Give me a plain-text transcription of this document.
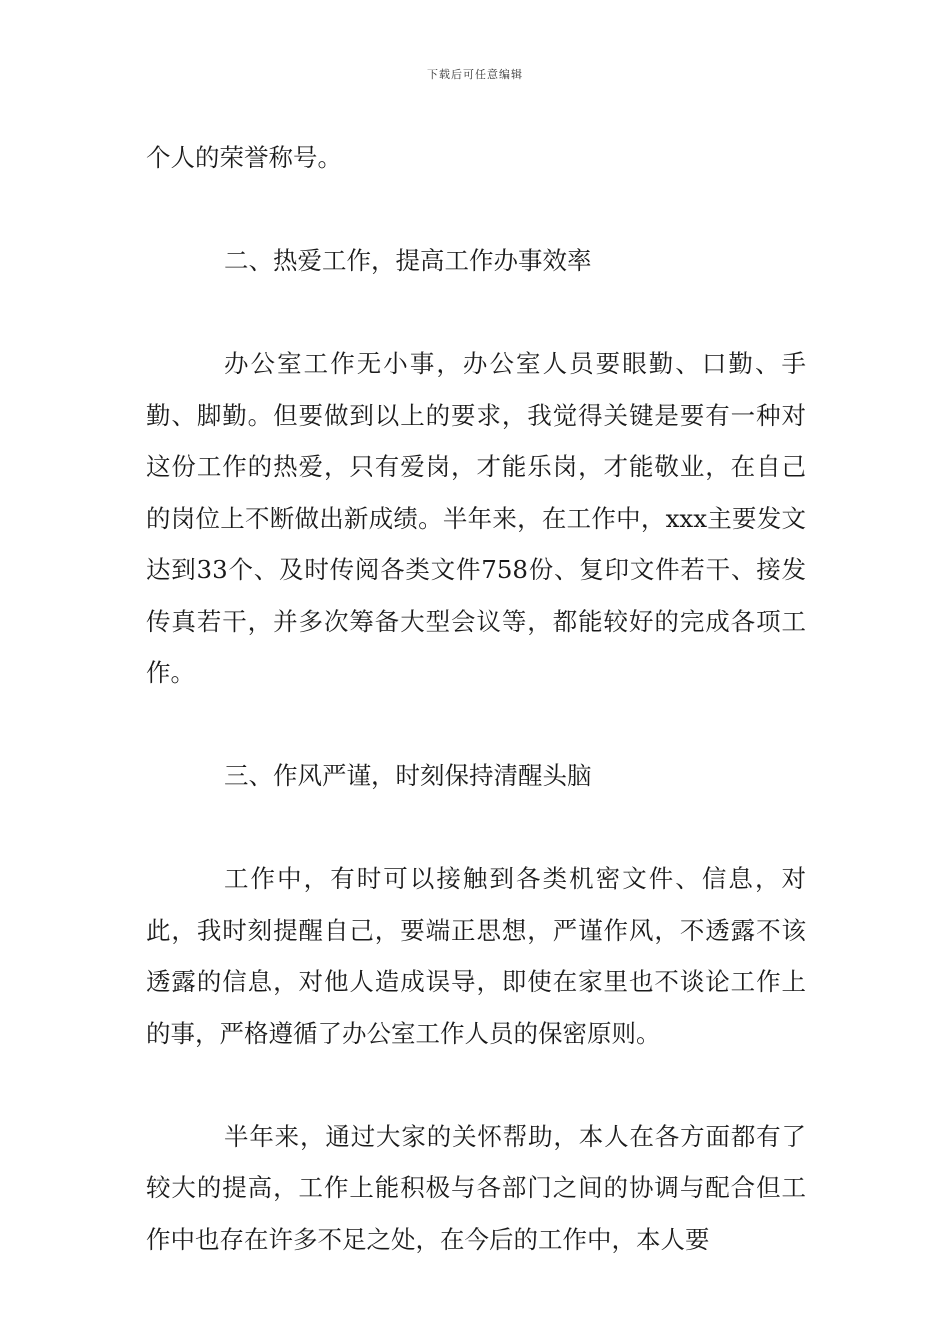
下载后可任意编辑

个人的荣誉称号。

二、热爱工作，提高工作办事效率

办公室工作无小事，办公室人员要眼勤、口勤、手勤、脚勤。但要做到以上的要求，我觉得关键是要有一种对这份工作的热爱，只有爱岗，才能乐岗，才能敬业，在自己的岗位上不断做出新成绩。半年来，在工作中，xxx主要发文达到33个、及时传阅各类文件758份、复印文件若干、接发传真若干，并多次筹备大型会议等，都能较好的完成各项工作。

三、作风严谨，时刻保持清醒头脑

工作中，有时可以接触到各类机密文件、信息，对此，我时刻提醒自己，要端正思想，严谨作风，不透露不该透露的信息，对他人造成误导，即使在家里也不谈论工作上的事，严格遵循了办公室工作人员的保密原则。

半年来，通过大家的关怀帮助，本人在各方面都有了较大的提高，工作上能积极与各部门之间的协调与配合但工作中也存在许多不足之处，在今后的工作中，本人要
